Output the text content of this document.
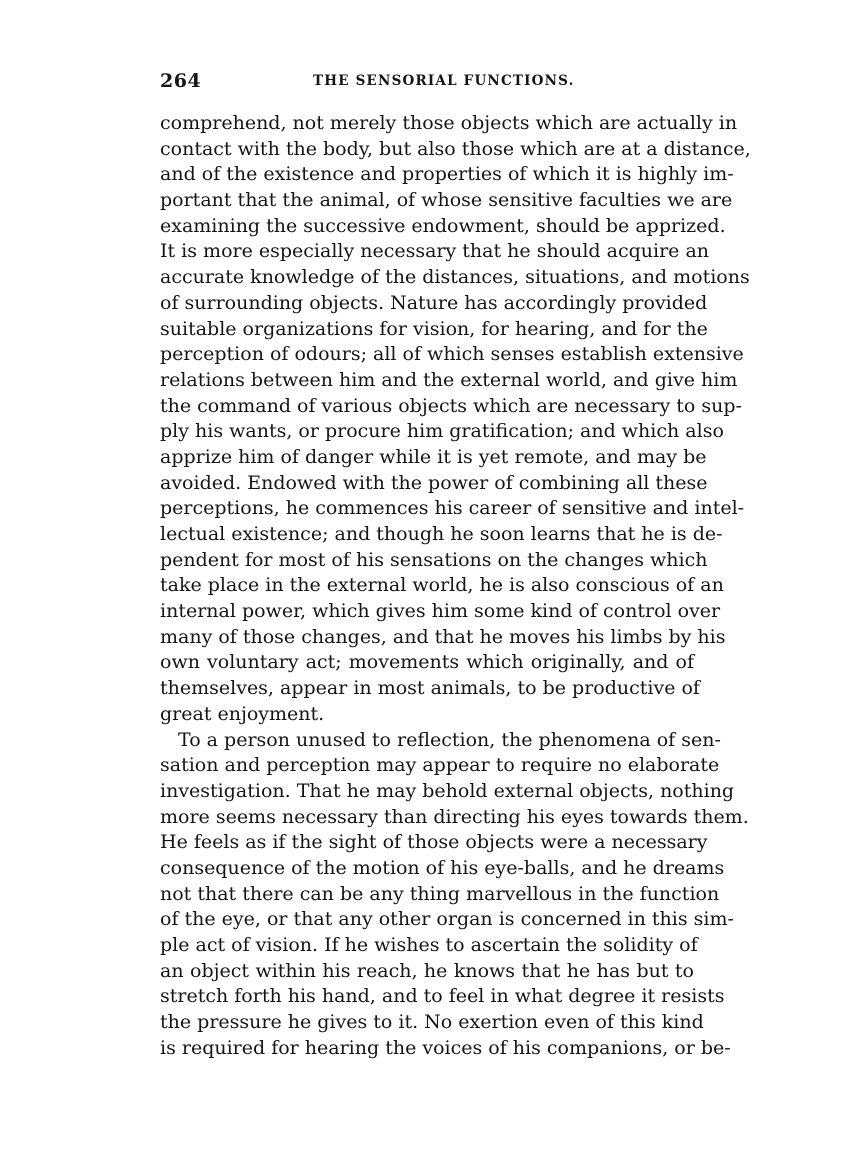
264	THE SENSORIAL FUNCTIONS.
comprehend, not merely those objects which are actually in
contact with the body, but also those which are at a distance,
and of the existence and properties of which it is highly im-
portant that the animal, of whose sensitive faculties we are
examining the successive endowment, should be apprized.
It is more especially necessary that he should acquire an
accurate knowledge of the distances, situations, and motions
of surrounding objects. Nature has accordingly provided
suitable organizations for vision, for hearing, and for the
perception of odours; all of which senses establish extensive
relations between him and the external world, and give him
the command of various objects which are necessary to sup-
ply his wants, or procure him gratification; and which also
apprize him of danger while it is yet remote, and may be
avoided. Endowed with the power of combining all these
perceptions, he commences his career of sensitive and intel-
lectual existence; and though he soon learns that he is de-
pendent for most of his sensations on the changes which
take place in the external world, he is also conscious of an
internal power, which gives him some kind of control over
many of those changes, and that he moves his limbs by his
own voluntary act; movements which originally, and of
themselves, appear in most animals, to be productive of
great enjoyment.
To a person unused to reflection, the phenomena of sen-
sation and perception may appear to require no elaborate
investigation. That he may behold external objects, nothing
more seems necessary than directing his eyes towards them.
He feels as if the sight of those objects were a necessary
consequence of the motion of his eye-balls, and he dreams
not that there can be any thing marvellous in the function
of the eye, or that any other organ is concerned in this sim-
ple act of vision. If he wishes to ascertain the solidity of
an object within his reach, he knows that he has but to
stretch forth his hand, and to feel in what degree it resists
the pressure he gives to it. No exertion even of this kind
is required for hearing the voices of his companions, or be-
